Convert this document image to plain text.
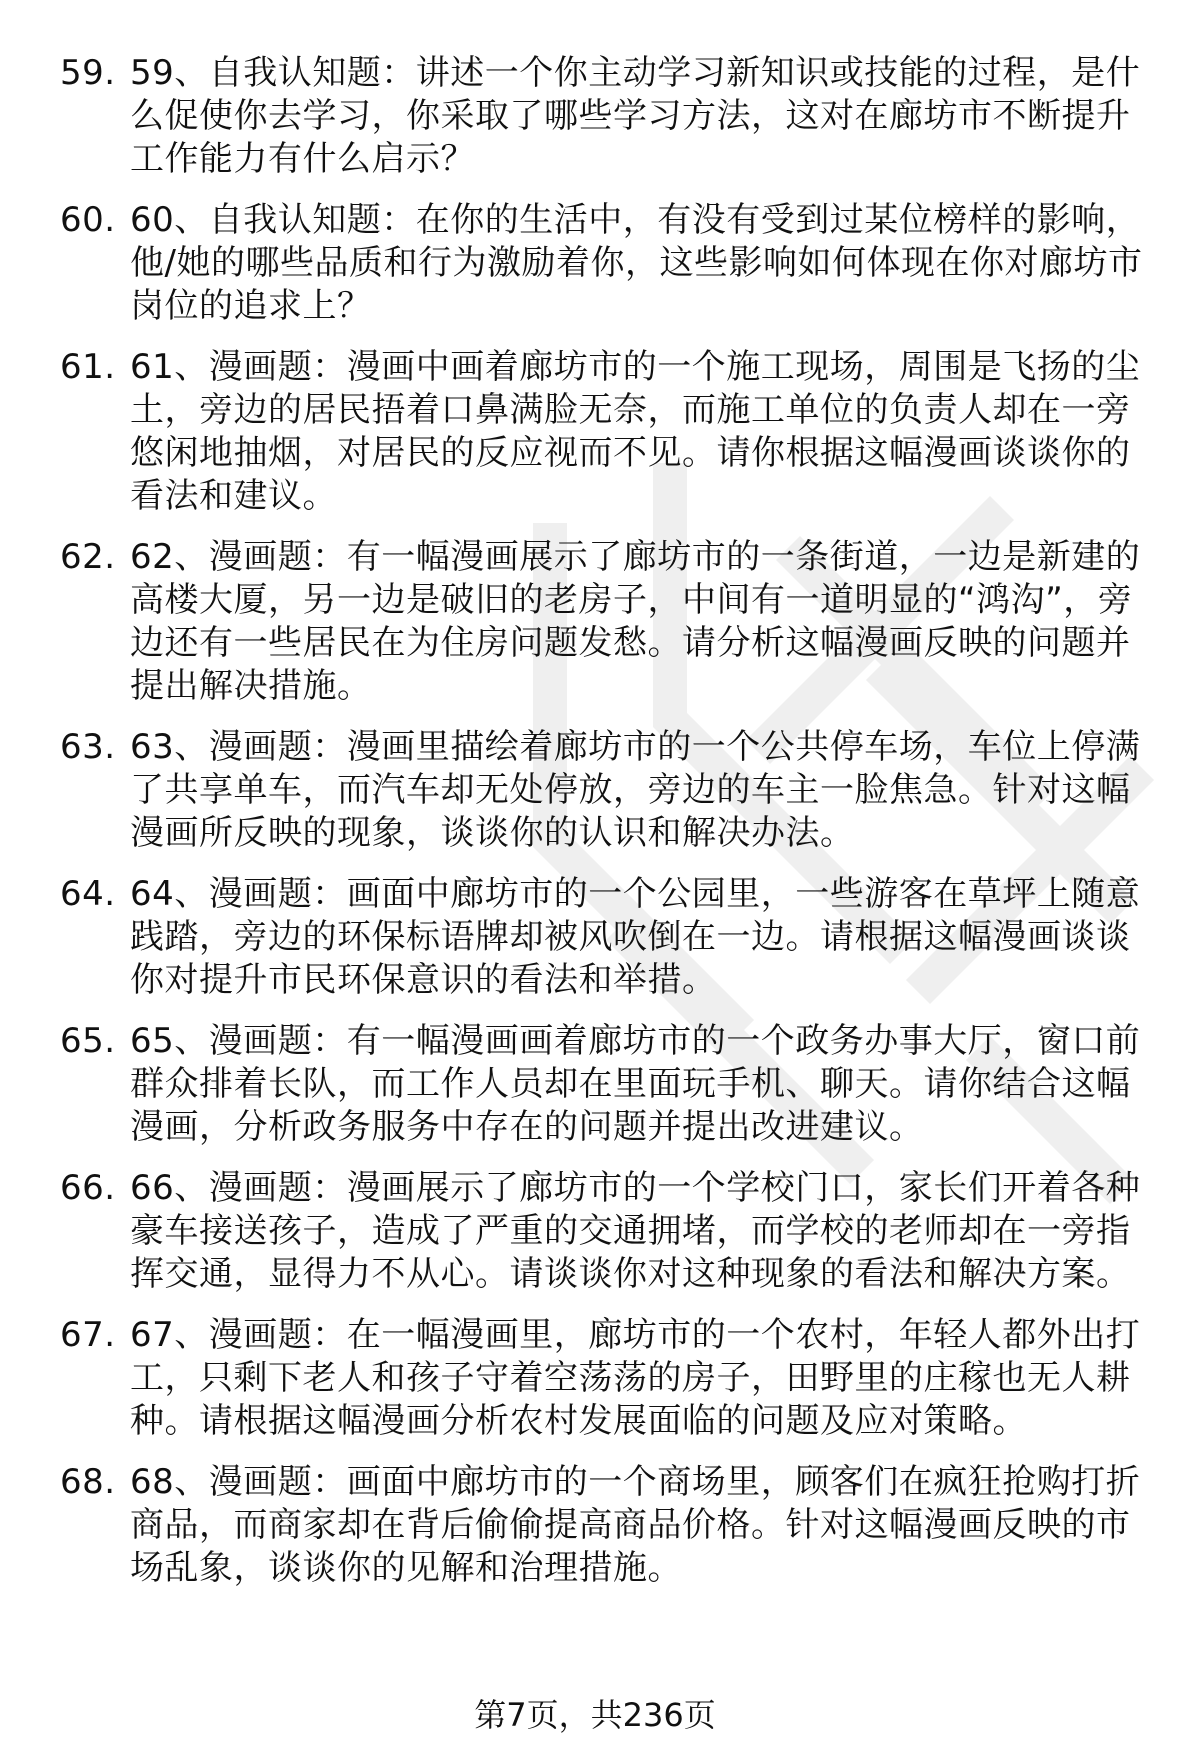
59. 59、自我认知题：讲述一个你主动学习新知识或技能的过程，是什么促使你去学习，你采取了哪些学习方法，这对在廊坊市不断提升工作能力有什么启示？
60. 60、自我认知题：在你的生活中，有没有受到过某位榜样的影响，他/她的哪些品质和行为激励着你，这些影响如何体现在你对廊坊市岗位的追求上？
61. 61、漫画题：漫画中画着廊坊市的一个施工现场，周围是飞扬的尘土，旁边的居民捂着口鼻满脸无奈，而施工单位的负责人却在一旁悠闲地抽烟，对居民的反应视而不见。请你根据这幅漫画谈谈你的看法和建议。
62. 62、漫画题：有一幅漫画展示了廊坊市的一条街道，一边是新建的高楼大厦，另一边是破旧的老房子，中间有一道明显的“鸿沟”，旁边还有一些居民在为住房问题发愁。请分析这幅漫画反映的问题并提出解决措施。
63. 63、漫画题：漫画里描绘着廊坊市的一个公共停车场，车位上停满了共享单车，而汽车却无处停放，旁边的车主一脸焦急。针对这幅漫画所反映的现象，谈谈你的认识和解决办法。
64. 64、漫画题：画面中廊坊市的一个公园里，一些游客在草坪上随意践踏，旁边的环保标语牌却被风吹倒在一边。请根据这幅漫画谈谈你对提升市民环保意识的看法和举措。
65. 65、漫画题：有一幅漫画画着廊坊市的一个政务办事大厅，窗口前群众排着长队，而工作人员却在里面玩手机、聊天。请你结合这幅漫画，分析政务服务中存在的问题并提出改进建议。
66. 66、漫画题：漫画展示了廊坊市的一个学校门口，家长们开着各种豪车接送孩子，造成了严重的交通拥堵，而学校的老师却在一旁指挥交通，显得力不从心。请谈谈你对这种现象的看法和解决方案。
67. 67、漫画题：在一幅漫画里，廊坊市的一个农村，年轻人都外出打工，只剩下老人和孩子守着空荡荡的房子，田野里的庄稼也无人耕种。请根据这幅漫画分析农村发展面临的问题及应对策略。
68. 68、漫画题：画面中廊坊市的一个商场里，顾客们在疯狂抢购打折商品，而商家却在背后偷偷提高商品价格。针对这幅漫画反映的市场乱象，谈谈你的见解和治理措施。
第7页，共236页
